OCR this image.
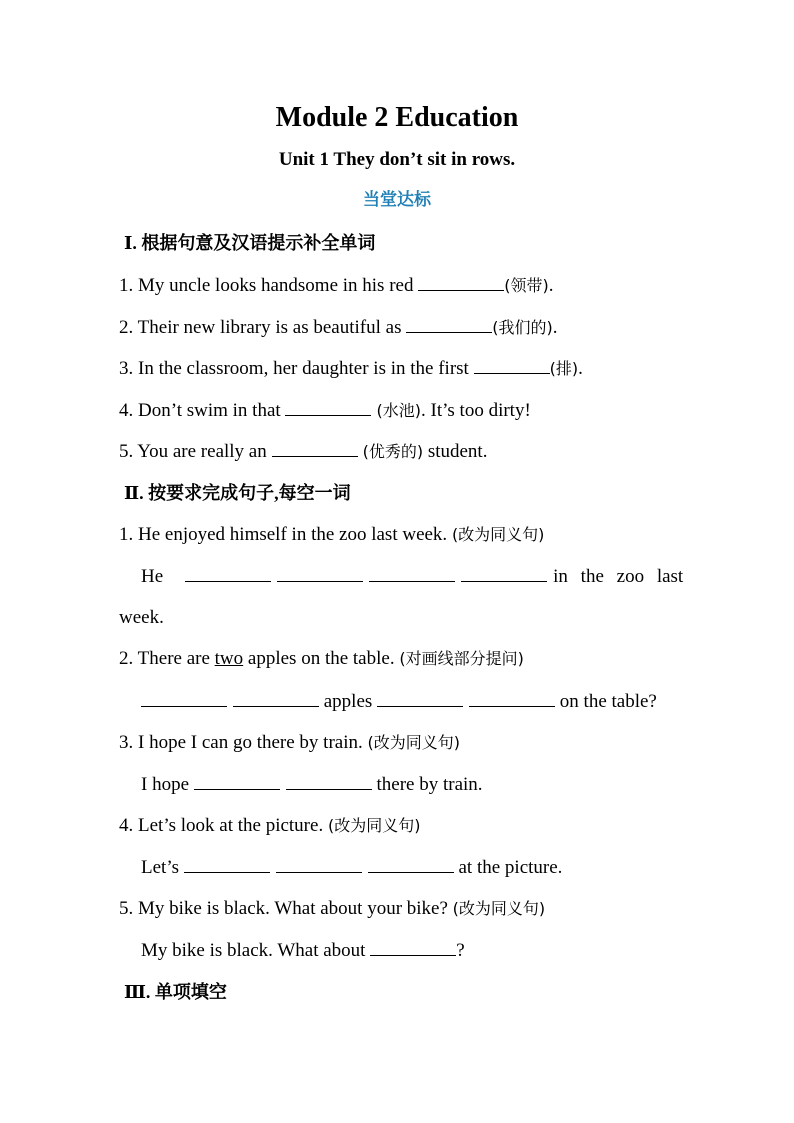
Module 2 Education
Unit 1 They don’t sit in rows.
当堂达标
Ⅰ. 根据句意及汉语提示补全单词
1. My uncle looks handsome in his red	(领带).
2. Their new library is as beautiful as	(我们的).
3. In the classroom, her daughter is in the first	(排).
4. Don’t swim in that	(水池). It’s too dirty!
5. You are really an	(优秀的) student.
Ⅱ. 按要求完成句子,每空一词
1. He enjoyed himself in the zoo last week. (改为同义句)
He	in the zoo last
week.
2. There are two apples on the table. (对画线部分提问)
apples	on the table?
3. I hope I can go there by train. (改为同义句)
I hope	there by train.
4. Let’s look at the picture. (改为同义句)
Let’s	at the picture.
5. My bike is black. What about your bike? (改为同义句)
My bike is black. What about	?
Ⅲ. 单项填空
